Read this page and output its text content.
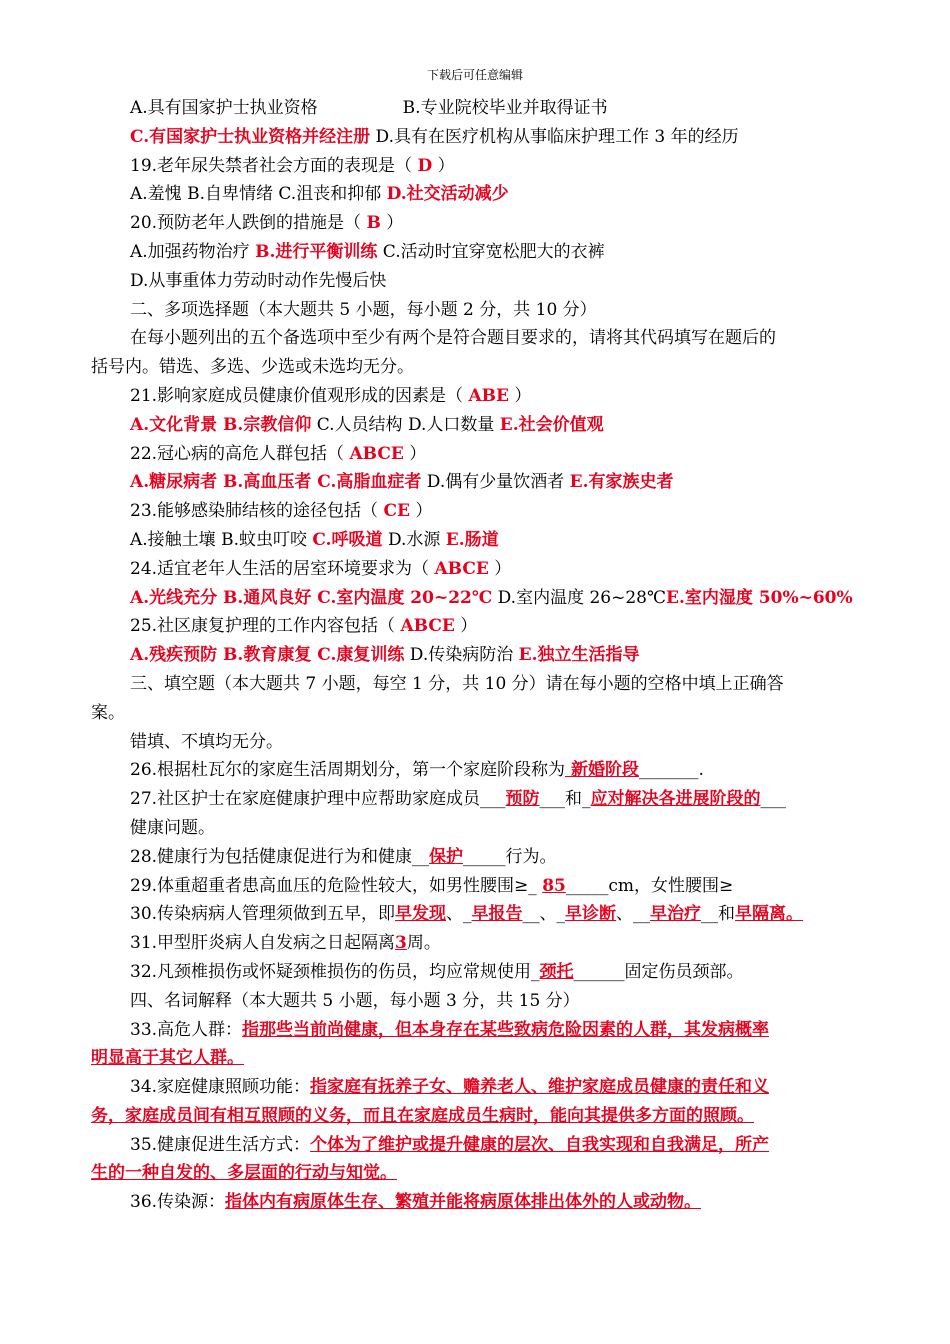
下载后可任意编辑
A.具有国家护士执业资格　　　　　B.专业院校毕业并取得证书
C.有国家护士执业资格并经注册 D.具有在医疗机构从事临床护理工作 3 年的经历
19.老年尿失禁者社会方面的表现是（ D ）
A.羞愧 B.自卑情绪 C.沮丧和抑郁 D.社交活动减少
20.预防老年人跌倒的措施是（ B ）
A.加强药物治疗 B.进行平衡训练 C.活动时宜穿宽松肥大的衣裤
D.从事重体力劳动时动作先慢后快
二、多项选择题（本大题共 5 小题，每小题 2 分，共 10 分）
在每小题列出的五个备选项中至少有两个是符合题目要求的，请将其代码填写在题后的
括号内。错选、多选、少选或未选均无分。
21.影响家庭成员健康价值观形成的因素是（ ABE ）
A.文化背景 B.宗教信仰 C.人员结构 D.人口数量 E.社会价值观
22.冠心病的高危人群包括（ ABCE ）
A.糖尿病者 B.高血压者 C.高脂血症者 D.偶有少量饮酒者 E.有家族史者
23.能够感染肺结核的途径包括（ CE ）
A.接触土壤 B.蚊虫叮咬 C.呼吸道 D.水源 E.肠道
24.适宜老年人生活的居室环境要求为（ ABCE ）
A.光线充分 B.通风良好 C.室内温度 20~22℃ D.室内温度 26~28℃E.室内湿度 50%~60%
25.社区康复护理的工作内容包括（ ABCE ）
A.残疾预防 B.教育康复 C.康复训练 D.传染病防治 E.独立生活指导
三、填空题（本大题共 7 小题，每空 1 分，共 10 分）请在每小题的空格中填上正确答
案。
错填、不填均无分。
26.根据杜瓦尔的家庭生活周期划分，第一个家庭阶段称为 新婚阶段_______.
27.社区护士在家庭健康护理中应帮助家庭成员___预防___和_应对解决各进展阶段的___
健康问题。
28.健康行为包括健康促进行为和健康__保护_____行为。
29.体重超重者患高血压的危险性较大，如男性腰围≥_ 85_____cm，女性腰围≥
30.传染病病人管理须做到五早，即早发现、_早报告__、_早诊断、__早治疗__和早隔离。
31.甲型肝炎病人自发病之日起隔离3周。
32.凡颈椎损伤或怀疑颈椎损伤的伤员，均应常规使用_颈托______固定伤员颈部。
四、名词解释（本大题共 5 小题，每小题 3 分，共 15 分）
33.高危人群：指那些当前尚健康，但本身存在某些致病危险因素的人群，其发病概率
明显高于其它人群。
34.家庭健康照顾功能：指家庭有抚养子女、赡养老人、维护家庭成员健康的责任和义
务，家庭成员间有相互照顾的义务，而且在家庭成员生病时，能向其提供多方面的照顾。
35.健康促进生活方式：个体为了维护或提升健康的层次、自我实现和自我满足，所产
生的一种自发的、多层面的行动与知觉。
36.传染源：指体内有病原体生存、繁殖并能将病原体排出体外的人或动物。
